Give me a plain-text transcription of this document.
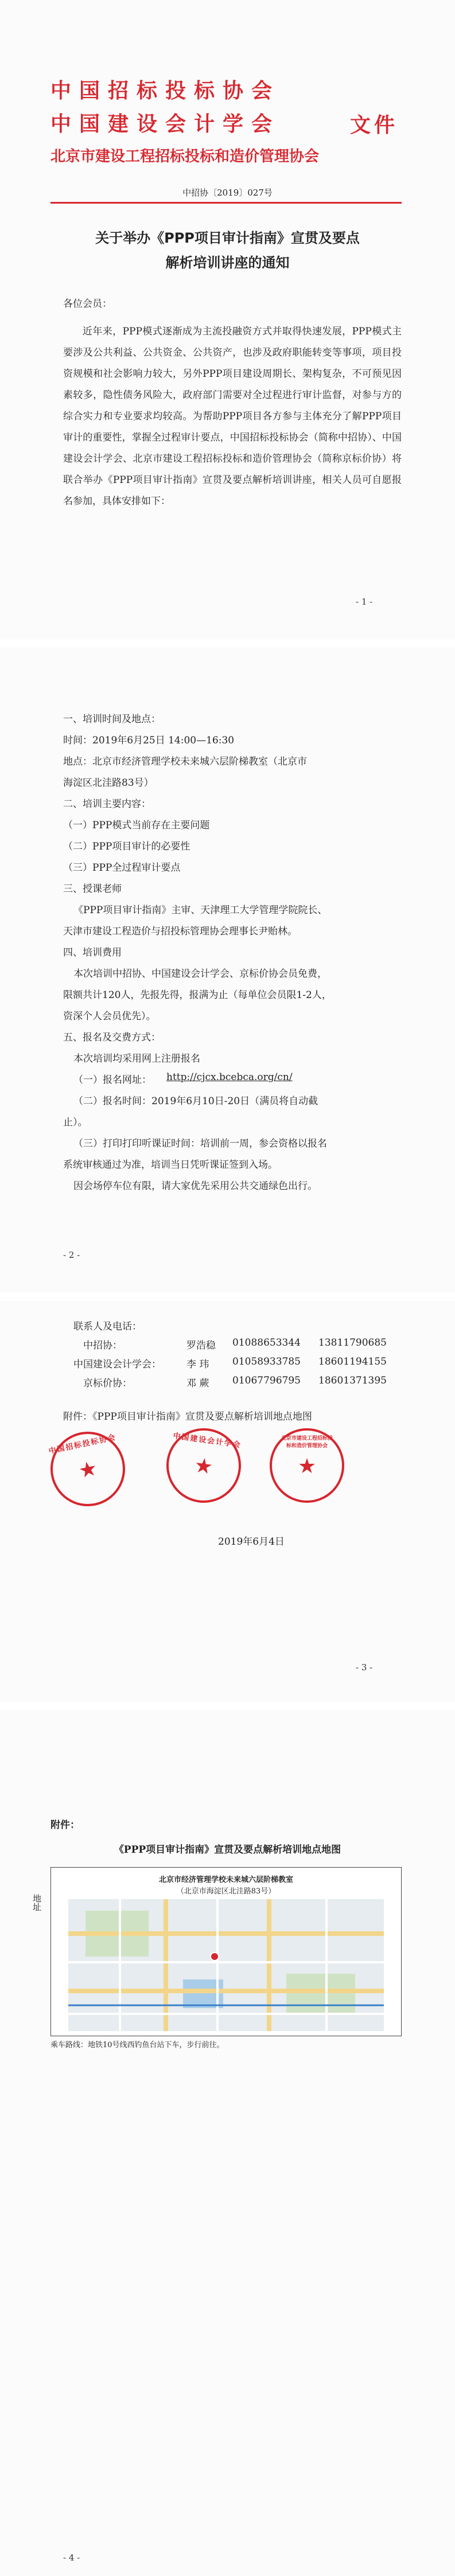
中国招标投标协会
中国建设会计学会	文件
北京市建设工程招标投标和造价管理协会
中招协〔2019〕027号
关于举办《PPP项目审计指南》宣贯及要点
解析培训讲座的通知
各位会员：
近年来，PPP模式逐渐成为主流投融资方式并取得快速发展，PPP模式主要涉及公共利益、公共资金、公共资产，也涉及政府职能转变等事项，项目投资规模和社会影响力较大，另外PPP项目建设周期长、架构复杂，不可预见因素较多，隐性债务风险大，政府部门需要对全过程进行审计监督，对参与方的综合实力和专业要求均较高。为帮助PPP项目各方参与主体充分了解PPP项目审计的重要性，掌握全过程审计要点，中国招标投标协会（简称中招协）、中国建设会计学会、北京市建设工程招标投标和造价管理协会（简称京标价协）将联合举办《PPP项目审计指南》宣贯及要点解析培训讲座，相关人员可自愿报名参加，具体安排如下：
- 1 -
一、培训时间及地点：
时间：2019年6月25日 14:00—16:30
地点：北京市经济管理学校未来城六层阶梯教室（北京市
海淀区北洼路83号）
二、培训主要内容：
（一）PPP模式当前存在主要问题
（二）PPP项目审计的必要性
（三）PPP全过程审计要点
三、授课老师
《PPP项目审计指南》主审、天津理工大学管理学院院长、
天津市建设工程造价与招投标管理协会理事长尹贻林。
四、培训费用
本次培训中招协、中国建设会计学会、京标价协会员免费，
限额共计120人，先报先得，报满为止（每单位会员限1-2人，
资深个人会员优先）。
五、报名及交费方式：
本次培训均采用网上注册报名
（一）报名网址： http://cjcx.bcebca.org/cn/
（二）报名时间：2019年6月10日-20日（满员将自动截
止）。
（三）打印打印听课证时间：培训前一周，参会资格以报名
系统审核通过为准，培训当日凭听课证签到入场。
因会场停车位有限，请大家优先采用公共交通绿色出行。
- 2 -
联系人及电话：
中招协：	罗浩稳 01088653344 13811790685
中国建设会计学会：	李 玮 01058933785 18601194155
京标价协：	邓 蕨 01067796795 18601371395
附件：《PPP项目审计指南》宣贯及要点解析培训地点地图
中国招标投标协会
★
中国建设会计学会
★
北京市建设工程招标投标和造价管理协会
★
2019年6月4日
- 3 -
附件：
《PPP项目审计指南》宣贯及要点解析培训地点地图
地址
北京市经济管理学校未来城六层阶梯教室
（北京市海淀区北洼路83号）
乘车路线：地铁10号线西钓鱼台站下车，步行前往。
- 4 -
